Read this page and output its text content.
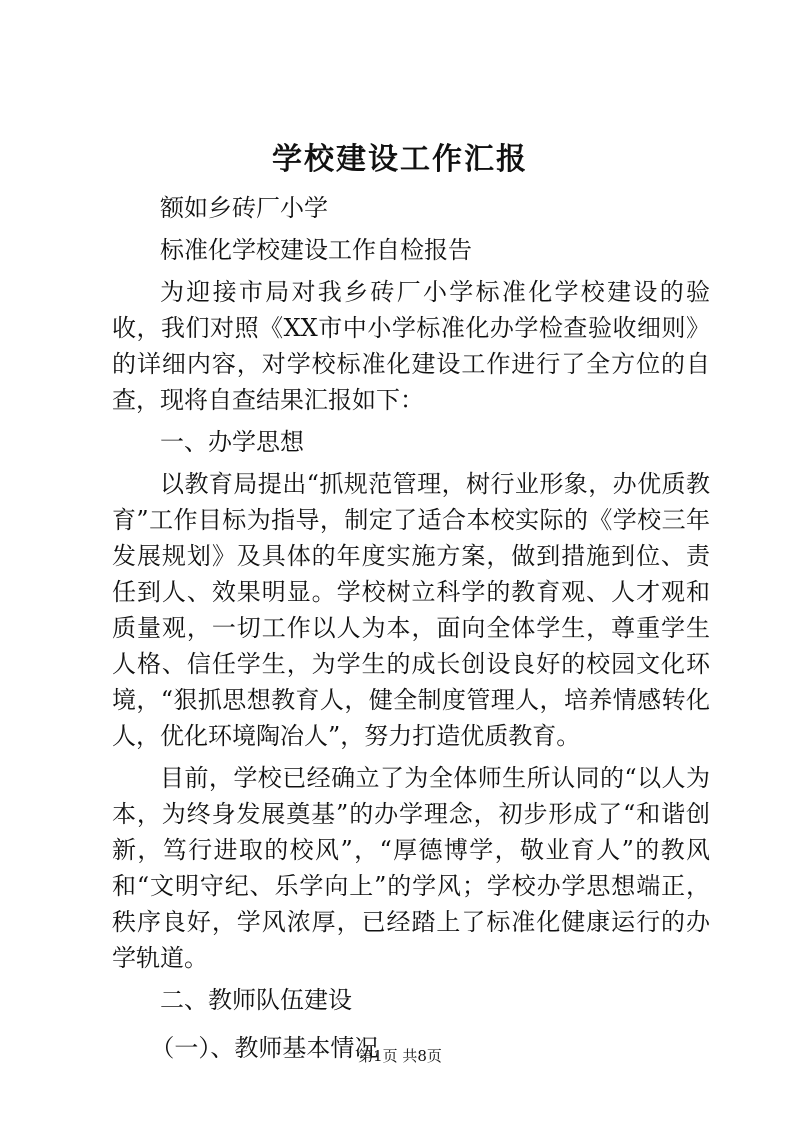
学校建设工作汇报

额如乡砖厂小学

标准化学校建设工作自检报告

为迎接市局对我乡砖厂小学标准化学校建设的验收，我们对照《XX市中小学标准化办学检查验收细则》的详细内容，对学校标准化建设工作进行了全方位的自查，现将自查结果汇报如下：

一、办学思想

以教育局提出“抓规范管理，树行业形象，办优质教育”工作目标为指导，制定了适合本校实际的《学校三年发展规划》及具体的年度实施方案，做到措施到位、责任到人、效果明显。学校树立科学的教育观、人才观和质量观，一切工作以人为本，面向全体学生，尊重学生人格、信任学生，为学生的成长创设良好的校园文化环境，“狠抓思想教育人，健全制度管理人，培养情感转化人，优化环境陶冶人”，努力打造优质教育。

目前，学校已经确立了为全体师生所认同的“以人为本，为终身发展奠基”的办学理念，初步形成了“和谐创新，笃行进取的校风”，“厚德博学，敬业育人”的教风和“文明守纪、乐学向上”的学风；学校办学思想端正，秩序良好，学风浓厚，已经踏上了标准化健康运行的办学轨道。

二、教师队伍建设

（一）、教师基本情况

第1页 共8页
